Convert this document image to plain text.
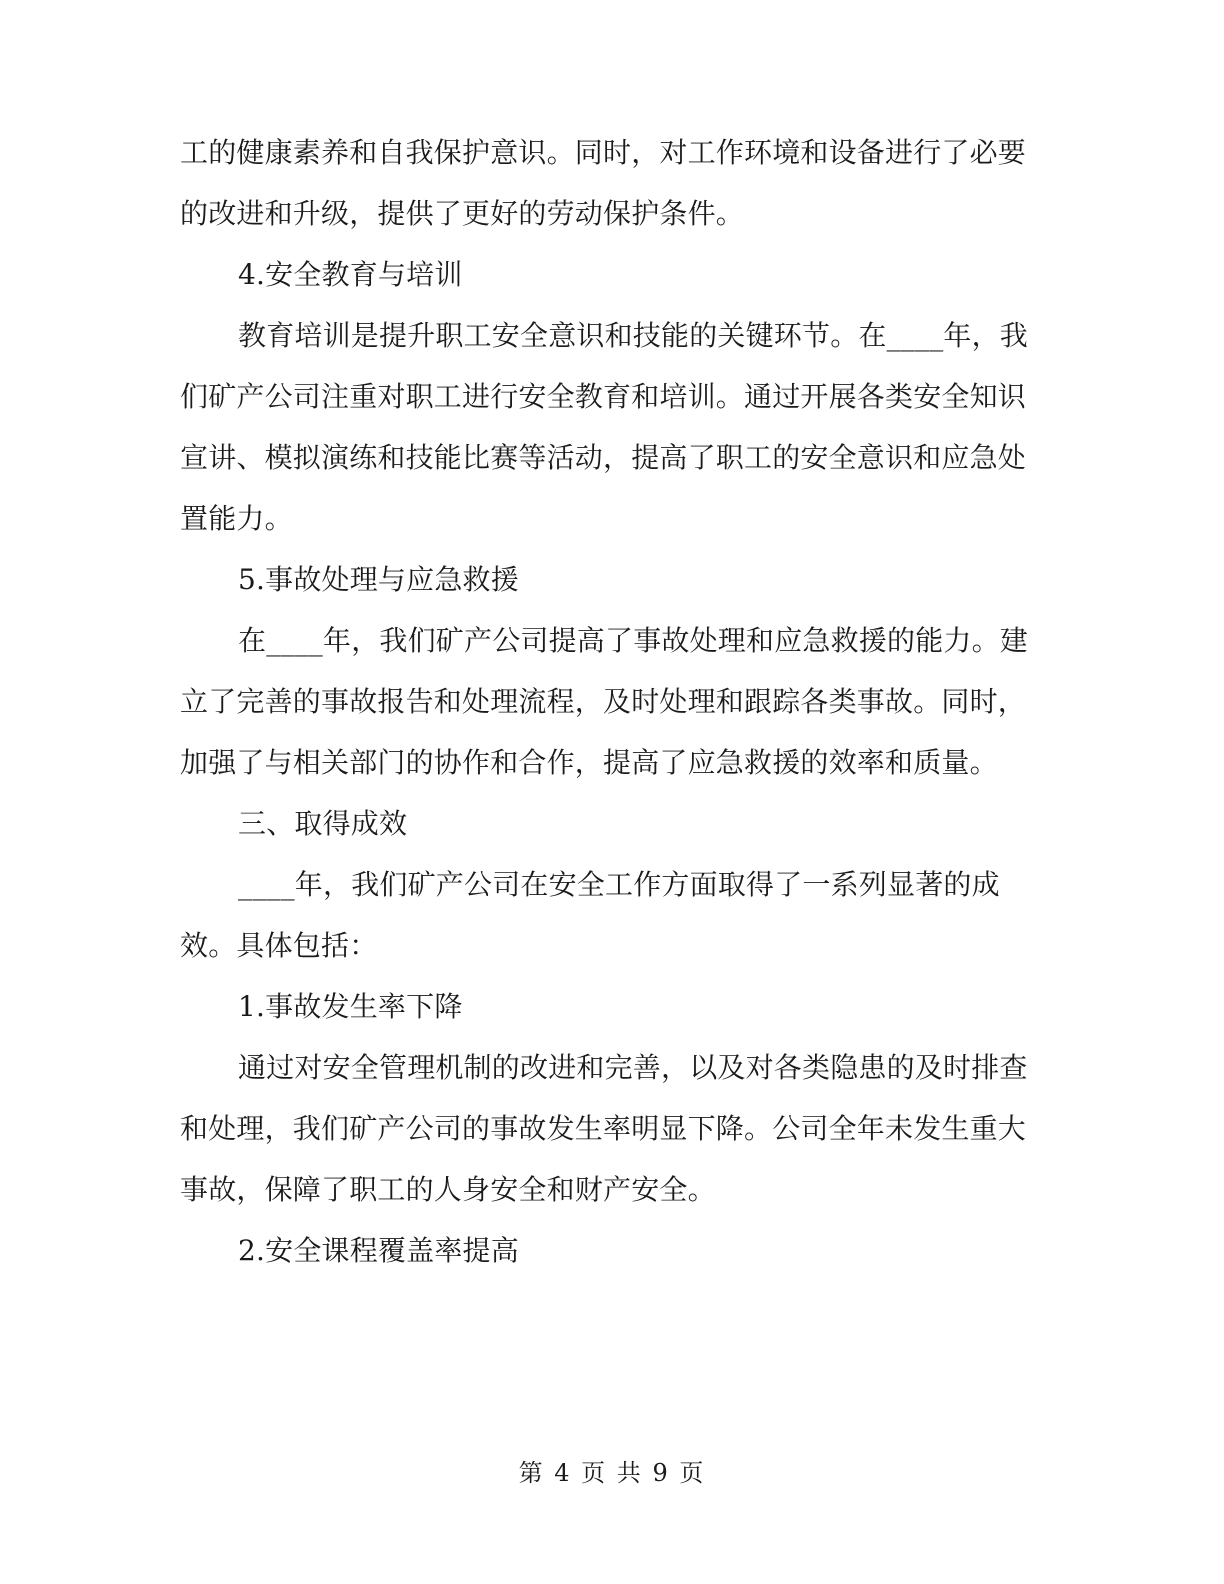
工的健康素养和自我保护意识。同时，对工作环境和设备进行了必要
的改进和升级，提供了更好的劳动保护条件。
4.安全教育与培训
教育培训是提升职工安全意识和技能的关键环节。在____年，我
们矿产公司注重对职工进行安全教育和培训。通过开展各类安全知识
宣讲、模拟演练和技能比赛等活动，提高了职工的安全意识和应急处
置能力。
5.事故处理与应急救援
在____年，我们矿产公司提高了事故处理和应急救援的能力。建
立了完善的事故报告和处理流程，及时处理和跟踪各类事故。同时，
加强了与相关部门的协作和合作，提高了应急救援的效率和质量。
三、取得成效
____年，我们矿产公司在安全工作方面取得了一系列显著的成
效。具体包括：
1.事故发生率下降
通过对安全管理机制的改进和完善，以及对各类隐患的及时排查
和处理，我们矿产公司的事故发生率明显下降。公司全年未发生重大
事故，保障了职工的人身安全和财产安全。
2.安全课程覆盖率提高
第 4 页 共 9 页
